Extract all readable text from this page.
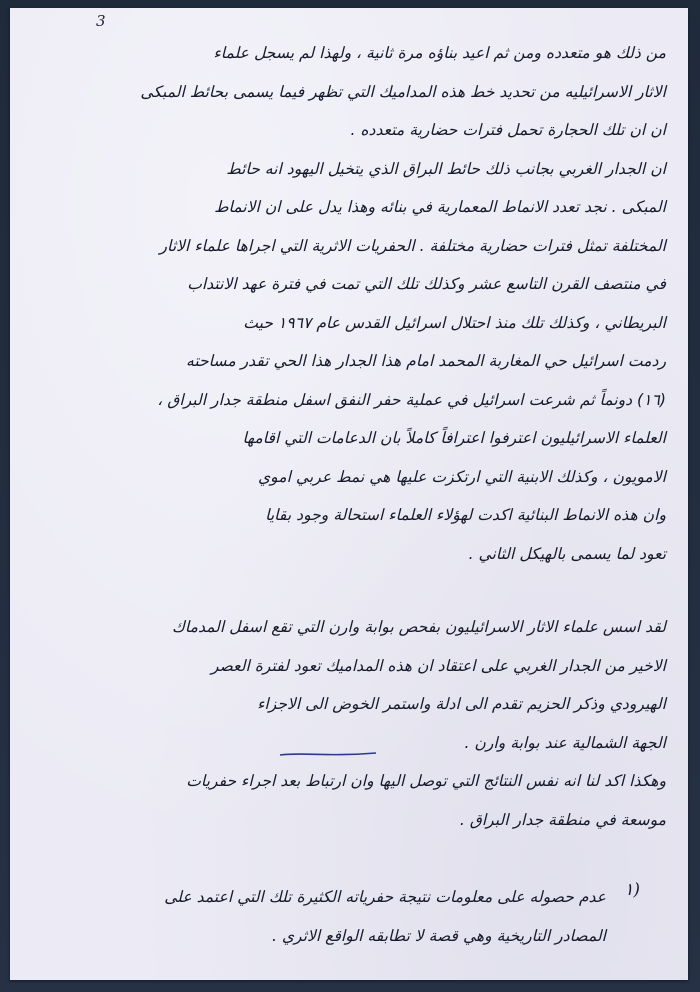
3
من ذلك هو متعدده ومن ثم اعيد بناؤه مرة ثانية ، ولهذا لم يسجل علماء
الاثار الاسرائيليه من تحديد خط هذه المداميك التي تظهر فيما يسمى بحائط المبكى
ان ان تلك الحجارة تحمل فترات حضارية متعدده .
ان الجدار الغربي بجانب ذلك حائط البراق الذي يتخيل اليهود انه حائط
المبكى . نجد تعدد الانماط المعمارية في بنائه وهذا يدل على ان الانماط
المختلفة تمثل فترات حضارية مختلفة . الحفريات الاثرية التي اجراها علماء الاثار
في منتصف القرن التاسع عشر وكذلك تلك التي تمت في فترة عهد الانتداب
البريطاني ، وكذلك تلك منذ احتلال اسرائيل القدس عام ١٩٦٧ حيث
ردمت اسرائيل حي المغاربة المحمد امام هذا الجدار هذا الحي تقدر مساحته
(١٦) دونماً ثم شرعت اسرائيل في عملية حفر النفق اسفل منطقة جدار البراق ،
العلماء الاسرائيليون اعترفوا اعترافاً كاملاً بان الدعامات التي اقامها
الامويون ، وكذلك الابنية التي ارتكزت عليها هي نمط عربي اموي
وان هذه الانماط البنائية اكدت لهؤلاء العلماء استحالة وجود بقايا
تعود لما يسمى بالهيكل الثاني .
لقد اسس علماء الاثار الاسرائيليون بفحص بوابة وارن التي تقع اسفل المدماك
الاخير من الجدار الغربي على اعتقاد ان هذه المداميك تعود لفترة العصر
الهيرودي وذكر الحزيم تقدم الى ادلة واستمر الخوض الى الاجزاء
الجهة الشمالية عند بوابة وارن .
وهكذا اكد لنا انه نفس النتائج التي توصل اليها وان ارتباط بعد اجراء حفريات
موسعة في منطقة جدار البراق .
١)
عدم حصوله على معلومات نتيجة حفرياته الكثيرة تلك التي اعتمد على
المصادر التاريخية وهي قصة لا تطابقه الواقع الاثري .
